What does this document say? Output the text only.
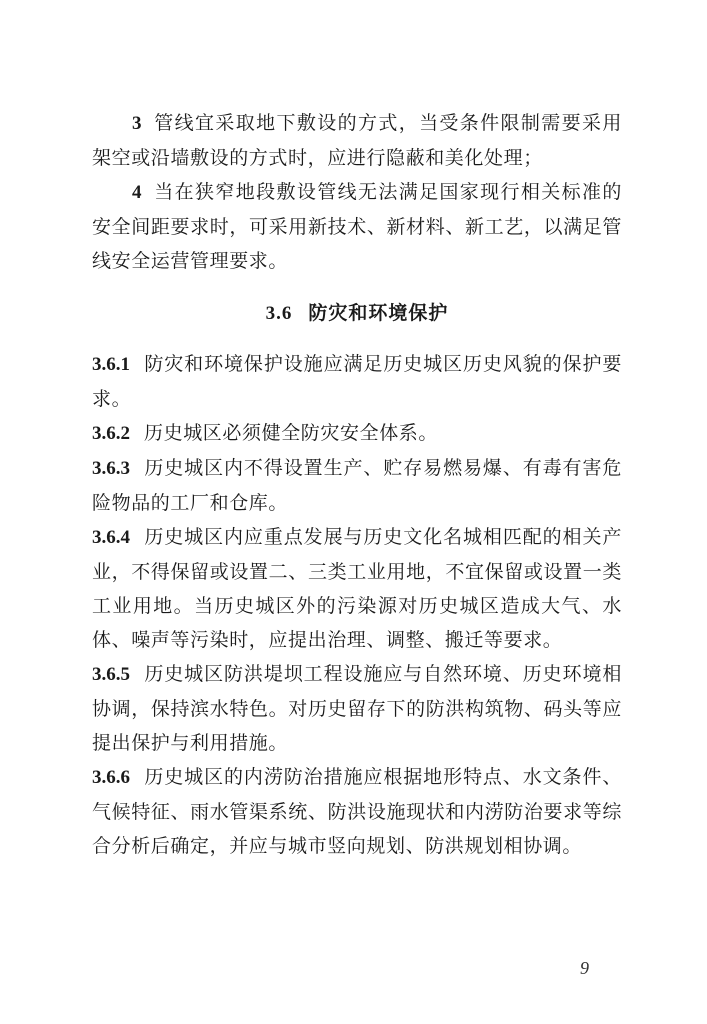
3 管线宜采取地下敷设的方式，当受条件限制需要采用架空或沿墙敷设的方式时，应进行隐蔽和美化处理；

4 当在狭窄地段敷设管线无法满足国家现行相关标准的安全间距要求时，可采用新技术、新材料、新工艺，以满足管线安全运营管理要求。

3.6 防灾和环境保护

3.6.1 防灾和环境保护设施应满足历史城区历史风貌的保护要求。

3.6.2 历史城区必须健全防灾安全体系。

3.6.3 历史城区内不得设置生产、贮存易燃易爆、有毒有害危险物品的工厂和仓库。

3.6.4 历史城区内应重点发展与历史文化名城相匹配的相关产业，不得保留或设置二、三类工业用地，不宜保留或设置一类工业用地。当历史城区外的污染源对历史城区造成大气、水体、噪声等污染时，应提出治理、调整、搬迁等要求。

3.6.5 历史城区防洪堤坝工程设施应与自然环境、历史环境相协调，保持滨水特色。对历史留存下的防洪构筑物、码头等应提出保护与利用措施。

3.6.6 历史城区的内涝防治措施应根据地形特点、水文条件、气候特征、雨水管渠系统、防洪设施现状和内涝防治要求等综合分析后确定，并应与城市竖向规划、防洪规划相协调。

9
